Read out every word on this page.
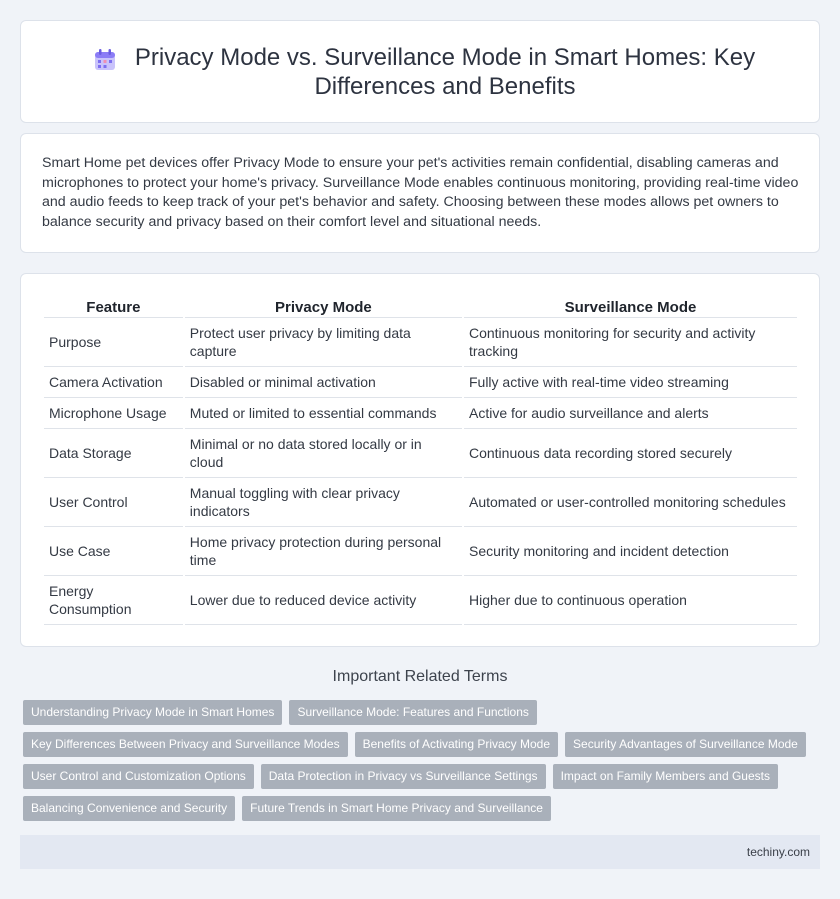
Privacy Mode vs. Surveillance Mode in Smart Homes: Key Differences and Benefits

Smart Home pet devices offer Privacy Mode to ensure your pet's activities remain confidential, disabling cameras and microphones to protect your home's privacy. Surveillance Mode enables continuous monitoring, providing real-time video and audio feeds to keep track of your pet's behavior and safety. Choosing between these modes allows pet owners to balance security and privacy based on their comfort level and situational needs.

Feature	Privacy Mode	Surveillance Mode
Purpose	Protect user privacy by limiting data capture	Continuous monitoring for security and activity tracking
Camera Activation	Disabled or minimal activation	Fully active with real-time video streaming
Microphone Usage	Muted or limited to essential commands	Active for audio surveillance and alerts
Data Storage	Minimal or no data stored locally or in cloud	Continuous data recording stored securely
User Control	Manual toggling with clear privacy indicators	Automated or user-controlled monitoring schedules
Use Case	Home privacy protection during personal time	Security monitoring and incident detection
Energy Consumption	Lower due to reduced device activity	Higher due to continuous operation
Important Related Terms
Understanding Privacy Mode in Smart Homes Surveillance Mode: Features and Functions
Key Differences Between Privacy and Surveillance Modes Benefits of Activating Privacy Mode Security Advantages of Surveillance Mode
User Control and Customization Options Data Protection in Privacy vs Surveillance Settings Impact on Family Members and Guests
Balancing Convenience and Security Future Trends in Smart Home Privacy and Surveillance
techiny.com
